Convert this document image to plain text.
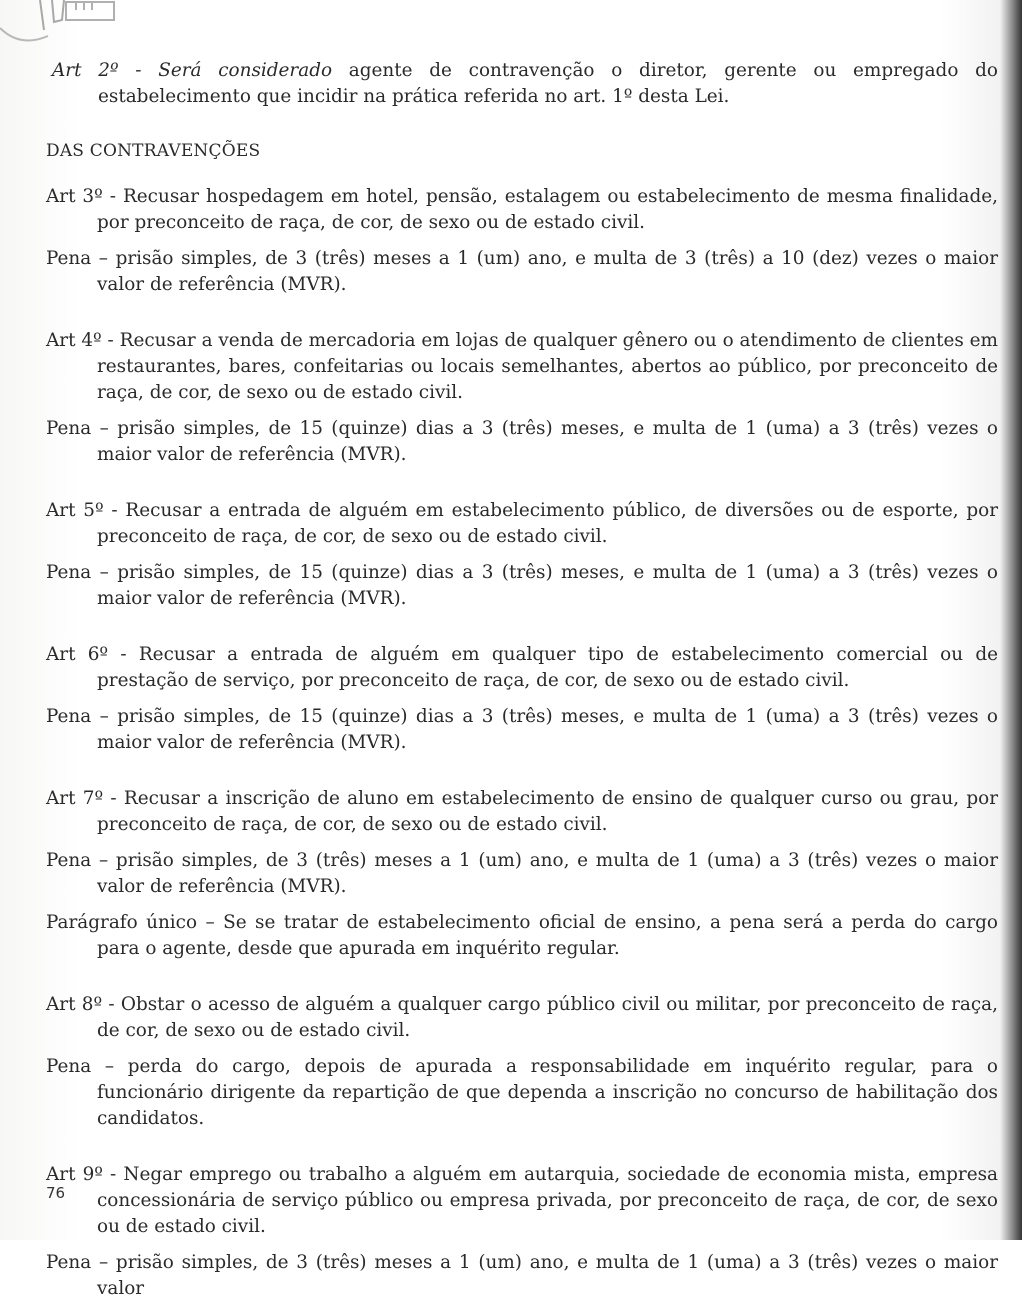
Art 2º - Será considerado agente de contravenção o diretor, gerente ou empregado do estabelecimento que incidir na prática referida no art. 1º desta Lei.

DAS CONTRAVENÇÕES

Art 3º - Recusar hospedagem em hotel, pensão, estalagem ou estabelecimento de mesma finalidade, por preconceito de raça, de cor, de sexo ou de estado civil.

Pena – prisão simples, de 3 (três) meses a 1 (um) ano, e multa de 3 (três) a 10 (dez) vezes o maior valor de referência (MVR).

Art 4º - Recusar a venda de mercadoria em lojas de qualquer gênero ou o atendimento de clientes em restaurantes, bares, confeitarias ou locais semelhantes, abertos ao público, por preconceito de raça, de cor, de sexo ou de estado civil.

Pena – prisão simples, de 15 (quinze) dias a 3 (três) meses, e multa de 1 (uma) a 3 (três) vezes o maior valor de referência (MVR).

Art 5º - Recusar a entrada de alguém em estabelecimento público, de diversões ou de esporte, por preconceito de raça, de cor, de sexo ou de estado civil.

Pena – prisão simples, de 15 (quinze) dias a 3 (três) meses, e multa de 1 (uma) a 3 (três) vezes o maior valor de referência (MVR).

Art 6º - Recusar a entrada de alguém em qualquer tipo de estabelecimento comercial ou de prestação de serviço, por preconceito de raça, de cor, de sexo ou de estado civil.

Pena – prisão simples, de 15 (quinze) dias a 3 (três) meses, e multa de 1 (uma) a 3 (três) vezes o maior valor de referência (MVR).

Art 7º - Recusar a inscrição de aluno em estabelecimento de ensino de qualquer curso ou grau, por preconceito de raça, de cor, de sexo ou de estado civil.

Pena – prisão simples, de 3 (três) meses a 1 (um) ano, e multa de 1 (uma) a 3 (três) vezes o maior valor de referência (MVR).

Parágrafo único – Se se tratar de estabelecimento oficial de ensino, a pena será a perda do cargo para o agente, desde que apurada em inquérito regular.

Art 8º - Obstar o acesso de alguém a qualquer cargo público civil ou militar, por preconceito de raça, de cor, de sexo ou de estado civil.

Pena – perda do cargo, depois de apurada a responsabilidade em inquérito regular, para o funcionário dirigente da repartição de que dependa a inscrição no concurso de habilitação dos candidatos.

Art 9º - Negar emprego ou trabalho a alguém em autarquia, sociedade de economia mista, empresa concessionária de serviço público ou empresa privada, por preconceito de raça, de cor, de sexo ou de estado civil.

Pena – prisão simples, de 3 (três) meses a 1 (um) ano, e multa de 1 (uma) a 3 (três) vezes o maior valor

76
